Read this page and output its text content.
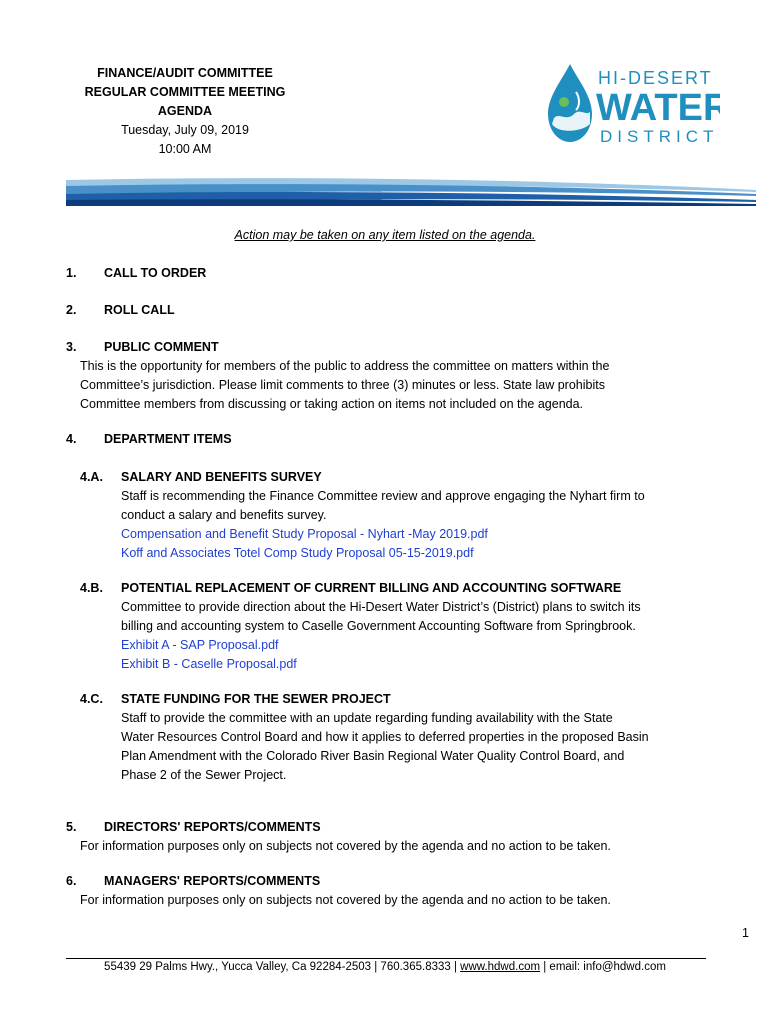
FINANCE/AUDIT COMMITTEE
REGULAR COMMITTEE MEETING
AGENDA
Tuesday, July 09, 2019
10:00 AM
HI-DESERT
WATER
DISTRICT
Action may be taken on any item listed on the agenda.
1. CALL TO ORDER
2. ROLL CALL
3. PUBLIC COMMENT
This is the opportunity for members of the public to address the committee on matters within the
Committee’s jurisdiction. Please limit comments to three (3) minutes or less. State law prohibits
Committee members from discussing or taking action on items not included on the agenda.
4. DEPARTMENT ITEMS
4.A. SALARY AND BENEFITS SURVEY
Staff is recommending the Finance Committee review and approve engaging the Nyhart firm to
conduct a salary and benefits survey.
Compensation and Benefit Study Proposal - Nyhart -May 2019.pdf
Koff and Associates Totel Comp Study Proposal 05-15-2019.pdf
4.B. POTENTIAL REPLACEMENT OF CURRENT BILLING AND ACCOUNTING SOFTWARE
Committee to provide direction about the Hi-Desert Water District’s (District) plans to switch its
billing and accounting system to Caselle Government Accounting Software from Springbrook.
Exhibit A - SAP Proposal.pdf
Exhibit B - Caselle Proposal.pdf
4.C. STATE FUNDING FOR THE SEWER PROJECT
Staff to provide the committee with an update regarding funding availability with the State
Water Resources Control Board and how it applies to deferred properties in the proposed Basin
Plan Amendment with the Colorado River Basin Regional Water Quality Control Board, and
Phase 2 of the Sewer Project.
5. DIRECTORS' REPORTS/COMMENTS
For information purposes only on subjects not covered by the agenda and no action to be taken.
6. MANAGERS' REPORTS/COMMENTS
For information purposes only on subjects not covered by the agenda and no action to be taken.
1
55439 29 Palms Hwy., Yucca Valley, Ca 92284-2503 | 760.365.8333 | www.hdwd.com | email: info@hdwd.com
